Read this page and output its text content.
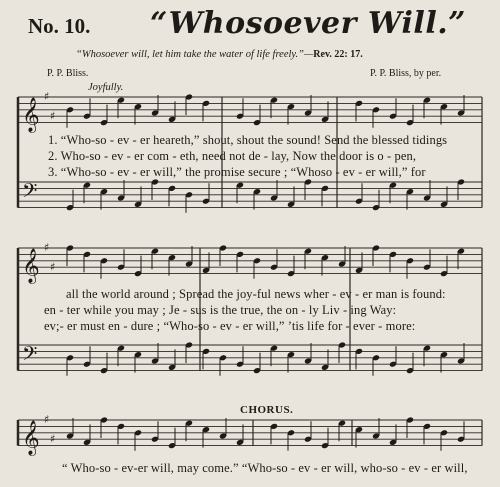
No. 10. “Whosoever Will.”
“Whosoever will, let him take the water of life freely.”—Rev. 22: 17.
P. P. Bliss.	P. P. Bliss, by per.
Joyfully.
𝄞
𝄢
♯
♯
𝄞
𝄢
♯
♯
𝄞
♯
♯
1. “Who-so - ev - er heareth,” shout, shout the sound! Send the blessed tidings
2. Who-so - ev - er com - eth, need not de - lay, Now the door is o - pen,
3. “Who-so - ev - er will,” the promise secure ; “Whoso - ev - er will,” for
all the world around ; Spread the joy-ful news wher - ev - er man is found:
en - ter while you may ; Je - sus is the true, the on - ly Liv - ing Way:
ev;- er must en - dure ; “Who-so - ev - er will,” ’tis life for - ever - more:
CHORUS.
“ Who-so - ev-er will, may come.” “Who-so - ev - er will, who-so - ev - er will,
